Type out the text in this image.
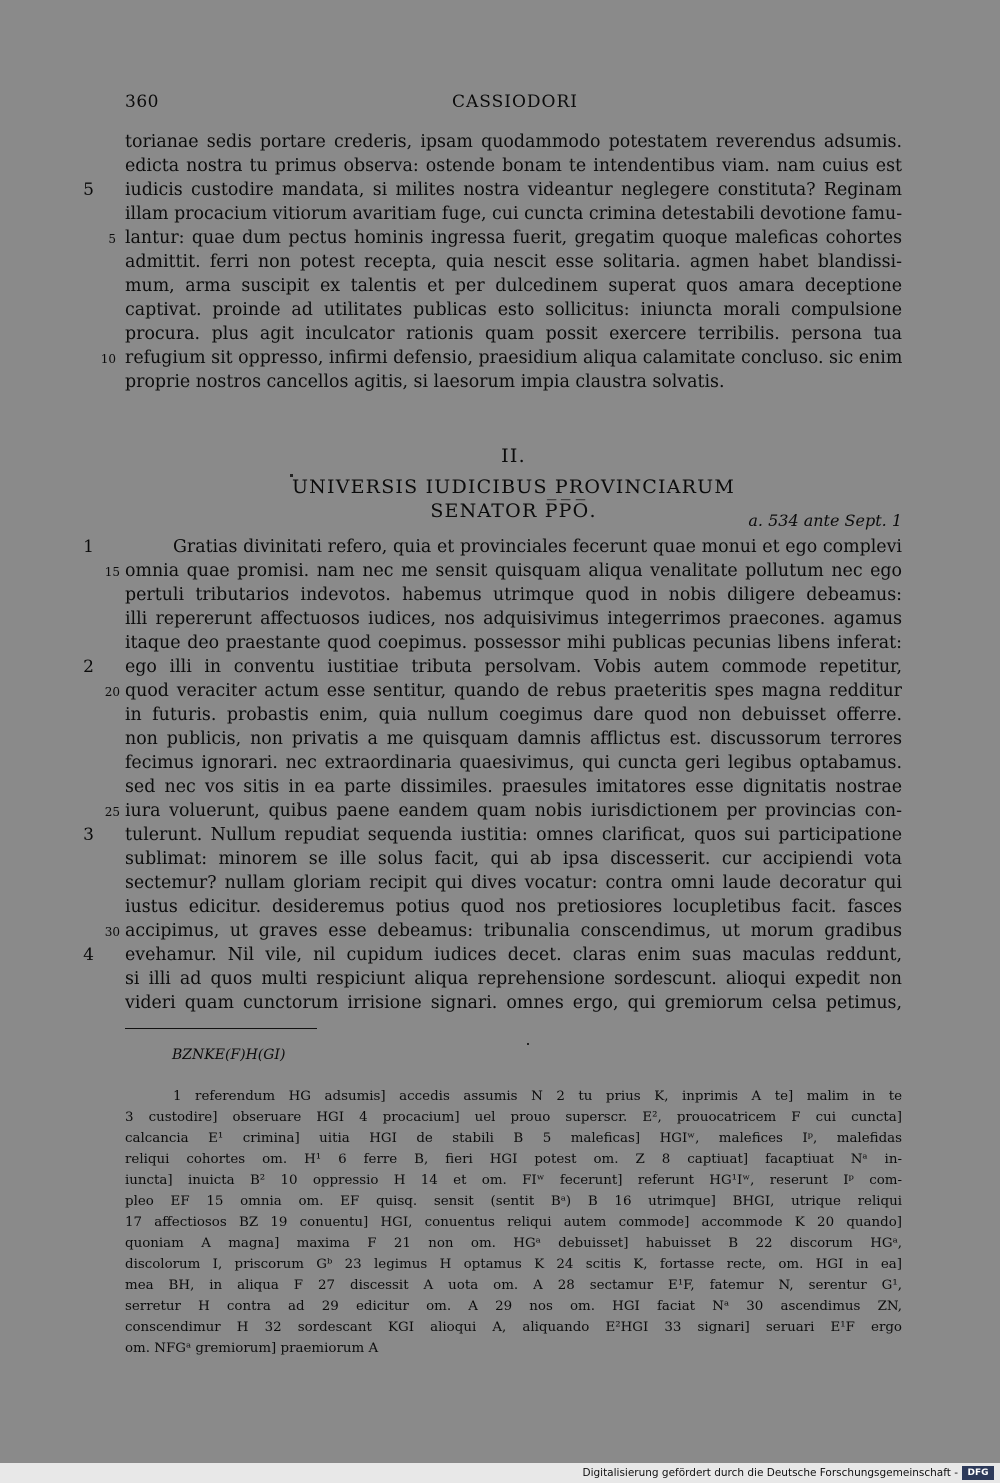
360	CASSIODORI
torianae sedis portare crederis, ipsam quodammodo potestatem reverendus adsumis.
edicta nostra tu primus observa: ostende bonam te intendentibus viam. nam cuius est
iudicis custodire mandata, si milites nostra videantur neglegere constituta? Reginam
illam procacium vitiorum avaritiam fuge, cui cuncta crimina detestabili devotione famu-
lantur: quae dum pectus hominis ingressa fuerit, gregatim quoque maleficas cohortes
admittit. ferri non potest recepta, quia nescit esse solitaria. agmen habet blandissi-
mum, arma suscipit ex talentis et per dulcedinem superat quos amara deceptione
captivat. proinde ad utilitates publicas esto sollicitus: iniuncta morali compulsione
procura. plus agit inculcator rationis quam possit exercere terribilis. persona tua
refugium sit oppresso, infirmi defensio, praesidium aliqua calamitate concluso. sic enim
proprie nostros cancellos agitis, si laesorum impia claustra solvatis.
5
5
10
II.
UNIVERSIS IUDICIBUS PROVINCIARUM
SENATOR P̅P̅O̅.	a. 534 ante Sept. 1
Gratias divinitati refero, quia et provinciales fecerunt quae monui et ego complevi
omnia quae promisi. nam nec me sensit quisquam aliqua venalitate pollutum nec ego
pertuli tributarios indevotos. habemus utrimque quod in nobis diligere debeamus:
illi repererunt affectuosos iudices, nos adquisivimus integerrimos praecones. agamus
itaque deo praestante quod coepimus. possessor mihi publicas pecunias libens inferat:
ego illi in conventu iustitiae tributa persolvam. Vobis autem commode repetitur,
quod veraciter actum esse sentitur, quando de rebus praeteritis spes magna redditur
in futuris. probastis enim, quia nullum coegimus dare quod non debuisset offerre.
non publicis, non privatis a me quisquam damnis afflictus est. discussorum terrores
fecimus ignorari. nec extraordinaria quaesivimus, qui cuncta geri legibus optabamus.
sed nec vos sitis in ea parte dissimiles. praesules imitatores esse dignitatis nostrae
iura voluerunt, quibus paene eandem quam nobis iurisdictionem per provincias con-
tulerunt. Nullum repudiat sequenda iustitia: omnes clarificat, quos sui participatione
sublimat: minorem se ille solus facit, qui ab ipsa discesserit. cur accipiendi vota
sectemur? nullam gloriam recipit qui dives vocatur: contra omni laude decoratur qui
iustus edicitur. desideremus potius quod nos pretiosiores locupletibus facit. fasces
accipimus, ut graves esse debeamus: tribunalia conscendimus, ut morum gradibus
evehamur. Nil vile, nil cupidum iudices decet. claras enim suas maculas reddunt,
si illi ad quos multi respiciunt aliqua reprehensione sordescunt. alioqui expedit non
videri quam cunctorum irrisione signari. omnes ergo, qui gremiorum celsa petimus,
1
15
2
20
25
3
30
4
BZNKE(F)H(GI)
1 referendum HG adsumis] accedis assumis N 2 tu prius K, inprimis A te] malim in te
3 custodire] obseruare HGI 4 procacium] uel prouo superscr. E², prouocatricem F cui cuncta]
calcancia E¹ crimina] uitia HGI de stabili B 5 maleficas] HGIʷ, malefices Iᵖ, malefidas
reliqui cohortes om. H¹ 6 ferre B, fieri HGI potest om. Z 8 captiuat] facaptiuat Nᵃ in-
iuncta] inuicta B² 10 oppressio H 14 et om. FIʷ fecerunt] referunt HG¹Iʷ, reserunt Iᵖ com-
pleo EF 15 omnia om. EF quisq. sensit (sentit Bᵃ) B 16 utrimque] BHGI, utrique reliqui
17 affectiosos BZ 19 conuentu] HGI, conuentus reliqui autem commode] accommode K 20 quando]
quoniam A magna] maxima F 21 non om. HGᵃ debuisset] habuisset B 22 discorum HGᵃ,
discolorum I, priscorum Gᵇ 23 legimus H optamus K 24 scitis K, fortasse recte, om. HGI in ea]
mea BH, in aliqua F 27 discessit A uota om. A 28 sectamur E¹F, fatemur N, serentur G¹,
serretur H contra ad 29 edicitur om. A 29 nos om. HGI faciat Nᵃ 30 ascendimus ZN,
conscendimur H 32 sordescant KGI alioqui A, aliquando E²HGI 33 signari] seruari E¹F ergo
om. NFGᵃ gremiorum] praemiorum A
Digitalisierung gefördert durch die Deutsche Forschungsgemeinschaft -	DFG
